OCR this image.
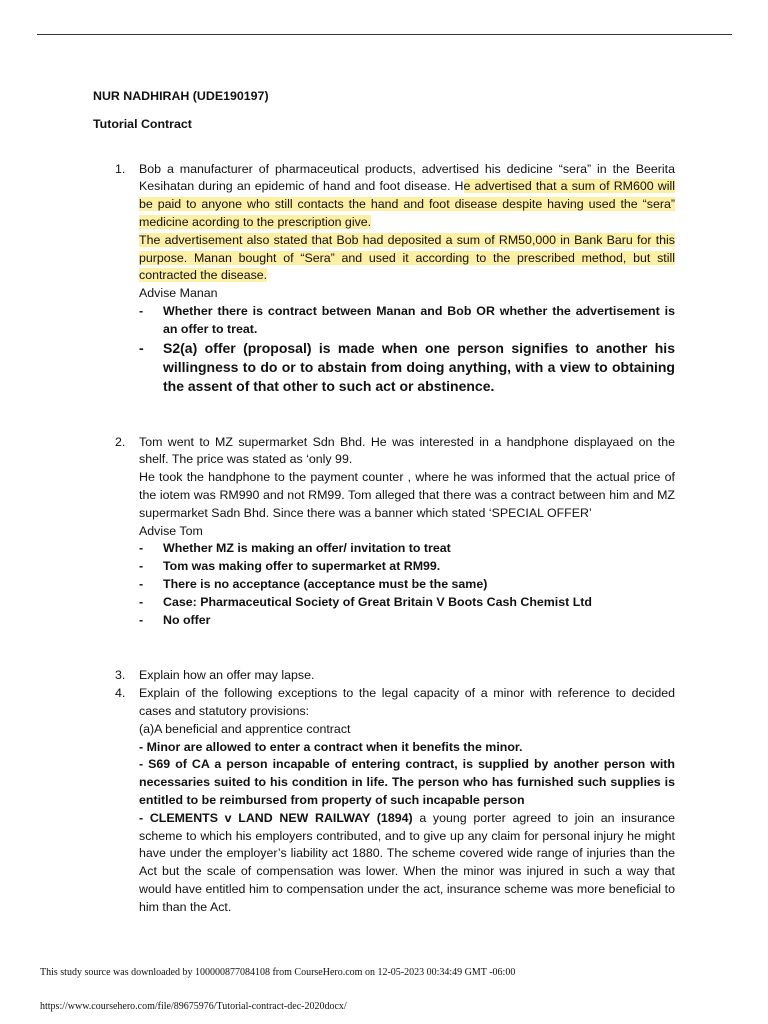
NUR NADHIRAH (UDE190197)

Tutorial Contract

1. Bob a manufacturer of pharmaceutical products, advertised his dedicine “sera” in the Beerita Kesihatan during an epidemic of hand and foot disease. He advertised that a sum of RM600 will be paid to anyone who still contacts the hand and foot disease despite having used the “sera” medicine acording to the prescription give.
The advertisement also stated that Bob had deposited a sum of RM50,000 in Bank Baru for this purpose. Manan bought of “Sera” and used it according to the prescribed method, but still contracted the disease.
Advise Manan
- Whether there is contract between Manan and Bob OR whether the advertisement is an offer to treat.
- S2(a) offer (proposal) is made when one person signifies to another his willingness to do or to abstain from doing anything, with a view to obtaining the assent of that other to such act or abstinence.
2. Tom went to MZ supermarket Sdn Bhd. He was interested in a handphone displayaed on the shelf. The price was stated as ‘only 99.
He took the handphone to the payment counter , where he was informed that the actual price of the iotem was RM990 and not RM99. Tom alleged that there was a contract between him and MZ supermarket Sadn Bhd. Since there was a banner which stated ‘SPECIAL OFFER’
Advise Tom
- Whether MZ is making an offer/ invitation to treat
- Tom was making offer to supermarket at RM99.
- There is no acceptance (acceptance must be the same)
- Case: Pharmaceutical Society of Great Britain V Boots Cash Chemist Ltd
- No offer
3. Explain how an offer may lapse.
4. Explain of the following exceptions to the legal capacity of a minor with reference to decided cases and statutory provisions:
(a)A beneficial and apprentice contract
- Minor are allowed to enter a contract when it benefits the minor.
- S69 of CA a person incapable of entering contract, is supplied by another person with necessaries suited to his condition in life. The person who has furnished such supplies is entitled to be reimbursed from property of such incapable person
- CLEMENTS v LAND NEW RAILWAY (1894) a young porter agreed to join an insurance scheme to which his employers contributed, and to give up any claim for personal injury he might have under the employer’s liability act 1880. The scheme covered wide range of injuries than the Act but the scale of compensation was lower. When the minor was injured in such a way that would have entitled him to compensation under the act, insurance scheme was more beneficial to him than the Act.
This study source was downloaded by 100000877084108 from CourseHero.com on 12-05-2023 00:34:49 GMT -06:00
https://www.coursehero.com/file/89675976/Tutorial-contract-dec-2020docx/
